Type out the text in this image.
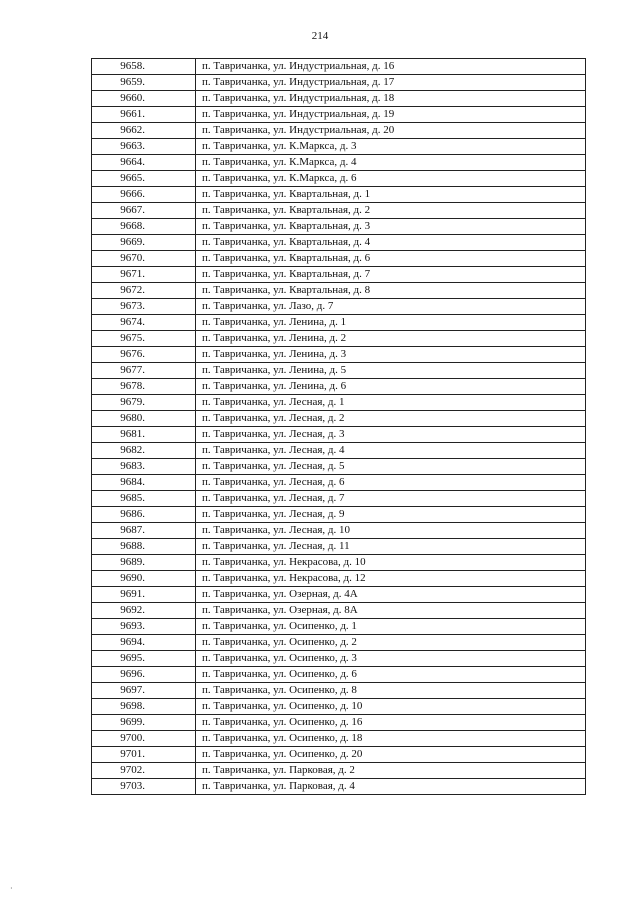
214
9658.	п. Тавричанка, ул. Индустриальная, д. 16
9659.	п. Тавричанка, ул. Индустриальная, д. 17
9660.	п. Тавричанка, ул. Индустриальная, д. 18
9661.	п. Тавричанка, ул. Индустриальная, д. 19
9662.	п. Тавричанка, ул. Индустриальная, д. 20
9663.	п. Тавричанка, ул. К.Маркса, д. 3
9664.	п. Тавричанка, ул. К.Маркса, д. 4
9665.	п. Тавричанка, ул. К.Маркса, д. 6
9666.	п. Тавричанка, ул. Квартальная, д. 1
9667.	п. Тавричанка, ул. Квартальная, д. 2
9668.	п. Тавричанка, ул. Квартальная, д. 3
9669.	п. Тавричанка, ул. Квартальная, д. 4
9670.	п. Тавричанка, ул. Квартальная, д. 6
9671.	п. Тавричанка, ул. Квартальная, д. 7
9672.	п. Тавричанка, ул. Квартальная, д. 8
9673.	п. Тавричанка, ул. Лазо, д. 7
9674.	п. Тавричанка, ул. Ленина, д. 1
9675.	п. Тавричанка, ул. Ленина, д. 2
9676.	п. Тавричанка, ул. Ленина, д. 3
9677.	п. Тавричанка, ул. Ленина, д. 5
9678.	п. Тавричанка, ул. Ленина, д. 6
9679.	п. Тавричанка, ул. Лесная, д. 1
9680.	п. Тавричанка, ул. Лесная, д. 2
9681.	п. Тавричанка, ул. Лесная, д. 3
9682.	п. Тавричанка, ул. Лесная, д. 4
9683.	п. Тавричанка, ул. Лесная, д. 5
9684.	п. Тавричанка, ул. Лесная, д. 6
9685.	п. Тавричанка, ул. Лесная, д. 7
9686.	п. Тавричанка, ул. Лесная, д. 9
9687.	п. Тавричанка, ул. Лесная, д. 10
9688.	п. Тавричанка, ул. Лесная, д. 11
9689.	п. Тавричанка, ул. Некрасова, д. 10
9690.	п. Тавричанка, ул. Некрасова, д. 12
9691.	п. Тавричанка, ул. Озерная, д. 4А
9692.	п. Тавричанка, ул. Озерная, д. 8А
9693.	п. Тавричанка, ул. Осипенко, д. 1
9694.	п. Тавричанка, ул. Осипенко, д. 2
9695.	п. Тавричанка, ул. Осипенко, д. 3
9696.	п. Тавричанка, ул. Осипенко, д. 6
9697.	п. Тавричанка, ул. Осипенко, д. 8
9698.	п. Тавричанка, ул. Осипенко, д. 10
9699.	п. Тавричанка, ул. Осипенко, д. 16
9700.	п. Тавричанка, ул. Осипенко, д. 18
9701.	п. Тавричанка, ул. Осипенко, д. 20
9702.	п. Тавричанка, ул. Парковая, д. 2
9703.	п. Тавричанка, ул. Парковая, д. 4
·
